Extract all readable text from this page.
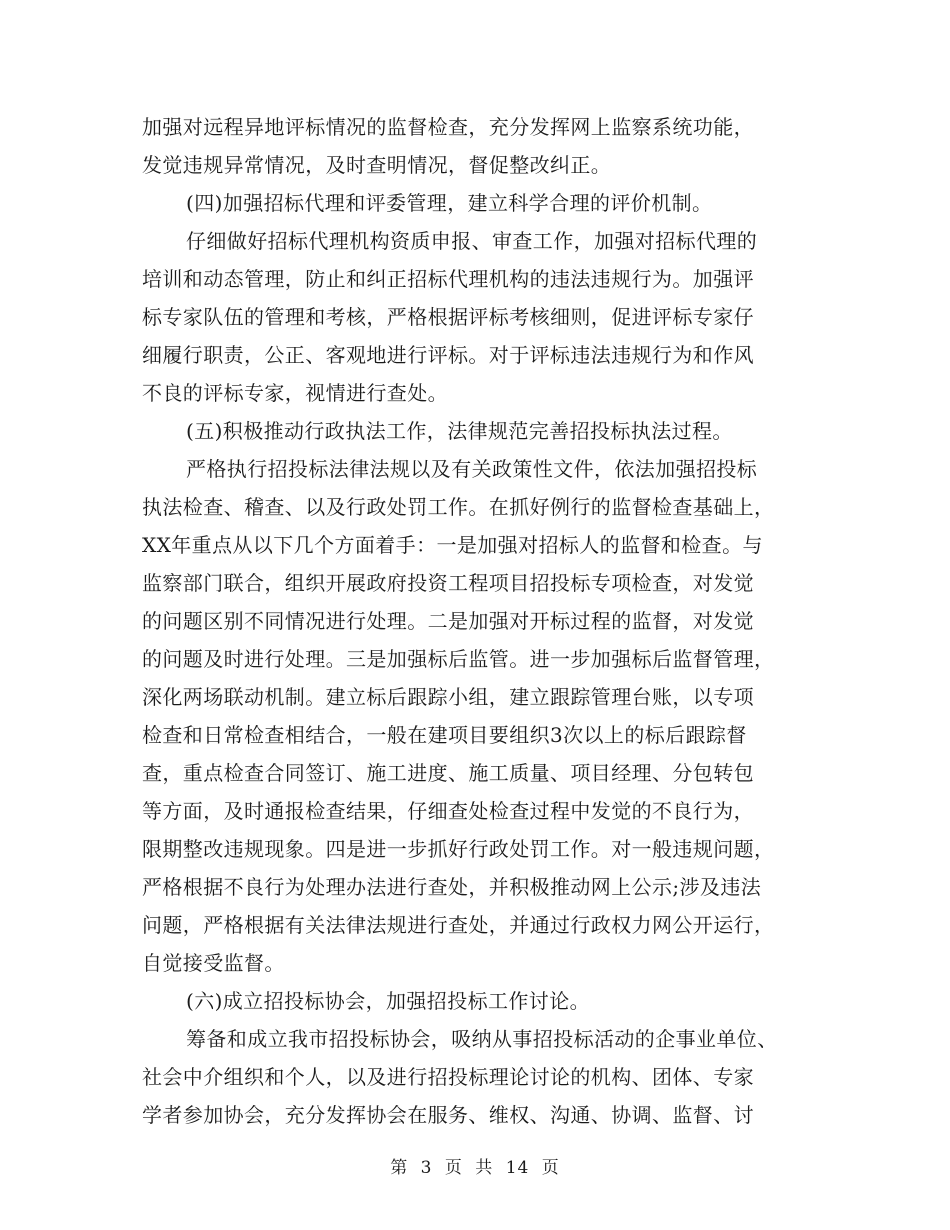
加强对远程异地评标情况的监督检查，充分发挥网上监察系统功能，
发觉违规异常情况，及时查明情况，督促整改纠正。
(四)加强招标代理和评委管理，建立科学合理的评价机制。
仔细做好招标代理机构资质申报、审查工作，加强对招标代理的
培训和动态管理，防止和纠正招标代理机构的违法违规行为。加强评
标专家队伍的管理和考核，严格根据评标考核细则，促进评标专家仔
细履行职责，公正、客观地进行评标。对于评标违法违规行为和作风
不良的评标专家，视情进行查处。
(五)积极推动行政执法工作，法律规范完善招投标执法过程。
严格执行招投标法律法规以及有关政策性文件，依法加强招投标
执法检查、稽查、以及行政处罚工作。在抓好例行的监督检查基础上，
XX年重点从以下几个方面着手：一是加强对招标人的监督和检查。与
监察部门联合，组织开展政府投资工程项目招投标专项检查，对发觉
的问题区别不同情况进行处理。二是加强对开标过程的监督，对发觉
的问题及时进行处理。三是加强标后监管。进一步加强标后监督管理，
深化两场联动机制。建立标后跟踪小组，建立跟踪管理台账，以专项
检查和日常检查相结合，一般在建项目要组织3次以上的标后跟踪督
查，重点检查合同签订、施工进度、施工质量、项目经理、分包转包
等方面，及时通报检查结果，仔细查处检查过程中发觉的不良行为，
限期整改违规现象。四是进一步抓好行政处罚工作。对一般违规问题，
严格根据不良行为处理办法进行查处，并积极推动网上公示;涉及违法
问题，严格根据有关法律法规进行查处，并通过行政权力网公开运行，
自觉接受监督。
(六)成立招投标协会，加强招投标工作讨论。
筹备和成立我市招投标协会，吸纳从事招投标活动的企事业单位、
社会中介组织和个人，以及进行招投标理论讨论的机构、团体、专家
学者参加协会，充分发挥协会在服务、维权、沟通、协调、监督、讨
第 3 页 共 14 页
